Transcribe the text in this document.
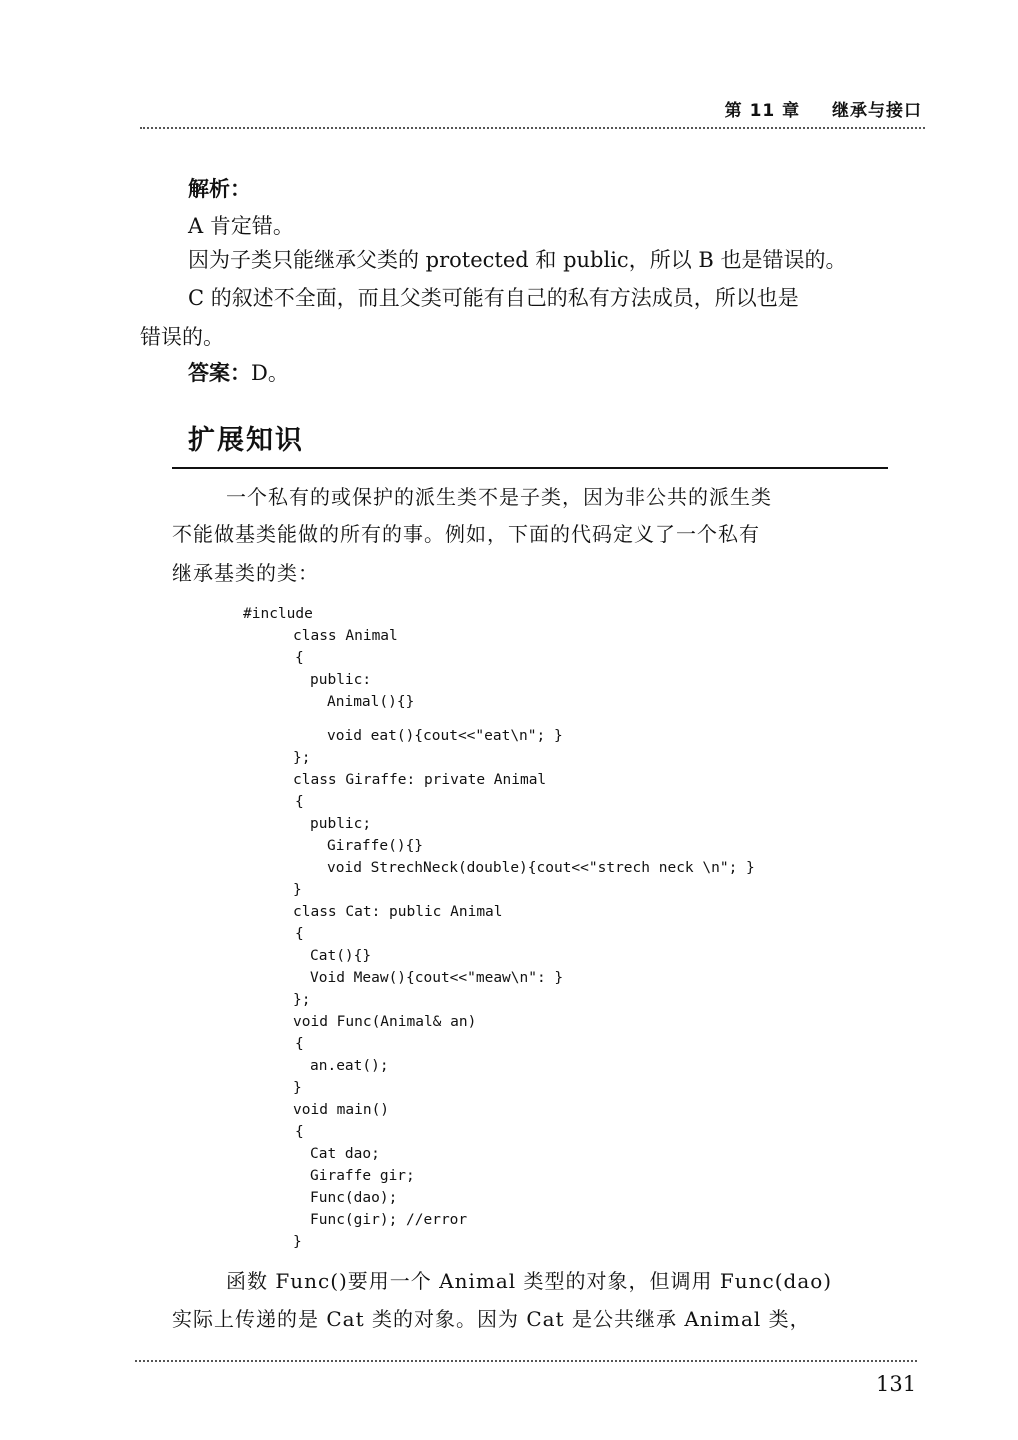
第 11 章 继承与接口
解析：
A 肯定错。
因为子类只能继承父类的 protected 和 public，所以 B 也是错误的。
C 的叙述不全面，而且父类可能有自己的私有方法成员，所以也是
错误的。
答案：D。
扩展知识
一个私有的或保护的派生类不是子类，因为非公共的派生类
不能做基类能做的所有的事。例如，下面的代码定义了一个私有
继承基类的类：
#include
class Animal
{
public:
Animal(){}
void eat(){cout<<"eat\n"; }
};
class Giraffe: private Animal
{
public;
Giraffe(){}
void StrechNeck(double){cout<<"strech neck \n"; }
}
class Cat: public Animal
{
Cat(){}
Void Meaw(){cout<<"meaw\n": }
};
void Func(Animal& an)
{
an.eat();
}
void main()
{
Cat dao;
Giraffe gir;
Func(dao);
Func(gir); //error
}
函数 Func()要用一个 Animal 类型的对象，但调用 Func(dao)
实际上传递的是 Cat 类的对象。因为 Cat 是公共继承 Animal 类，
131
